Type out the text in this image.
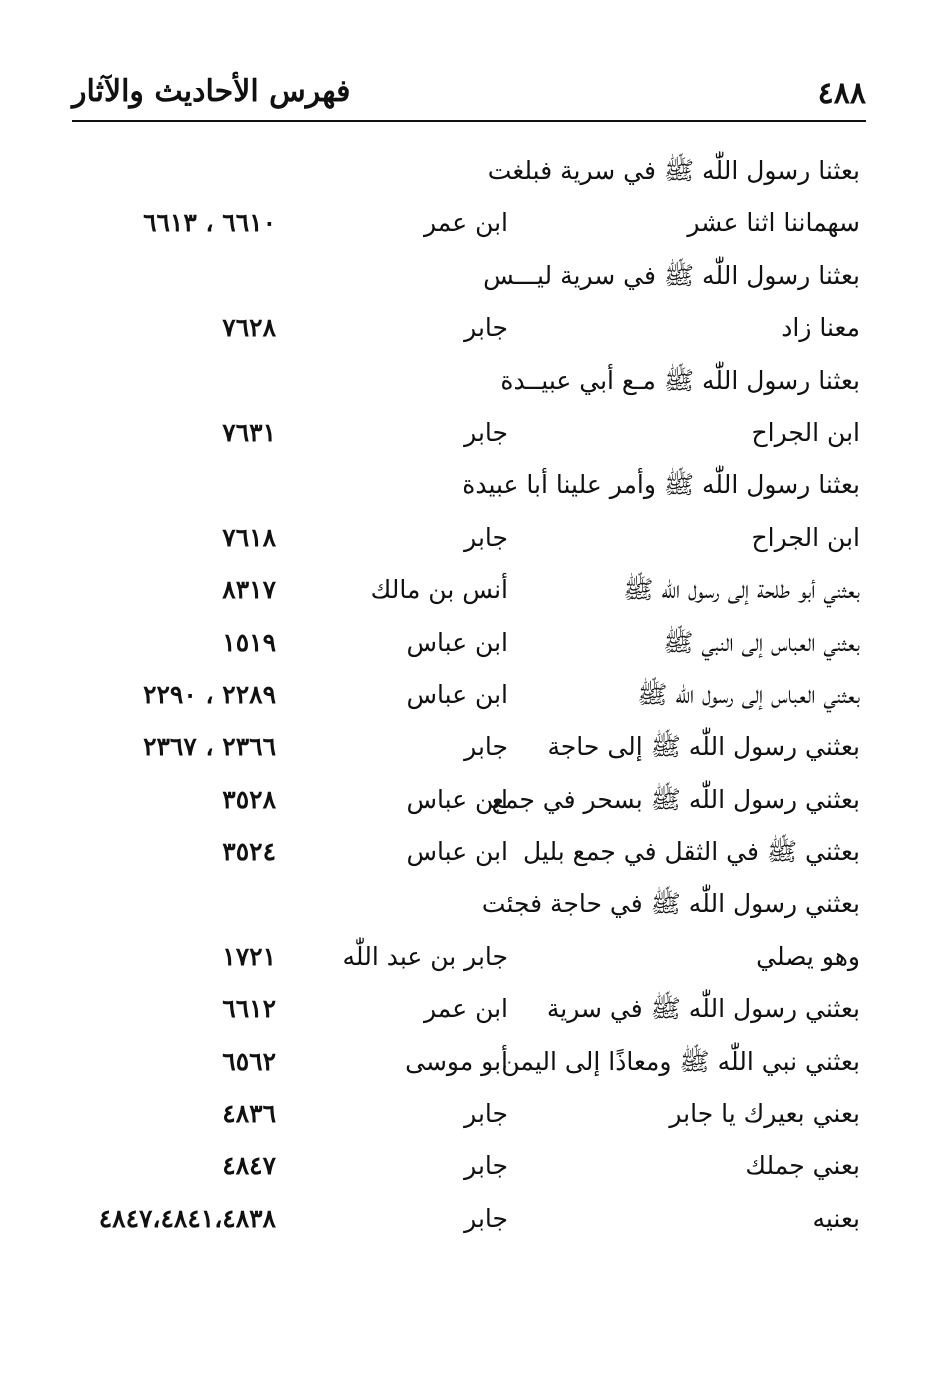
٤٨٨
فهرس الأحاديث والآثار
بعثنا رسول اللّٰه ﷺ في سرية فبلغت
سهماننا اثنا عشر
ابن عمر
٦٦١٠ ، ٦٦١٣
بعثنا رسول اللّٰه ﷺ في سرية ليـــس
معنا زاد
جابر
٧٦٢٨
بعثنا رسول اللّٰه ﷺ مـع أبي عبيــدة
ابن الجراح
جابر
٧٦٣١
بعثنا رسول اللّٰه ﷺ وأمر علينا أبا عبيدة
ابن الجراح
جابر
٧٦١٨
بعثني أبو طلحة إلى رسول اللّٰه ﷺ
أنس بن مالك
٨٣١٧
بعثني العباس إلى النبي ﷺ
ابن عباس
١٥١٩
بعثني العباس إلى رسول اللّٰه ﷺ
ابن عباس
٢٢٨٩ ، ٢٢٩٠
بعثني رسول اللّٰه ﷺ إلى حاجة
جابر
٢٣٦٦ ، ٢٣٦٧
بعثني رسول اللّٰه ﷺ بسحر في جمع
ابن عباس
٣٥٢٨
بعثني ﷺ في الثقل في جمع بليل
ابن عباس
٣٥٢٤
بعثني رسول اللّٰه ﷺ في حاجة فجئت
وهو يصلي
جابر بن عبد اللّٰه
١٧٢١
بعثني رسول اللّٰه ﷺ في سرية
ابن عمر
٦٦١٢
بعثني نبي اللّٰه ﷺ ومعاذًا إلى اليمن
أبو موسى
٦٥٦٢
بعني بعيرك يا جابر
جابر
٤٨٣٦
بعني جملك
جابر
٤٨٤٧
بعنيه
جابر
٤٨٤٧،٤٨٤١،٤٨٣٨
